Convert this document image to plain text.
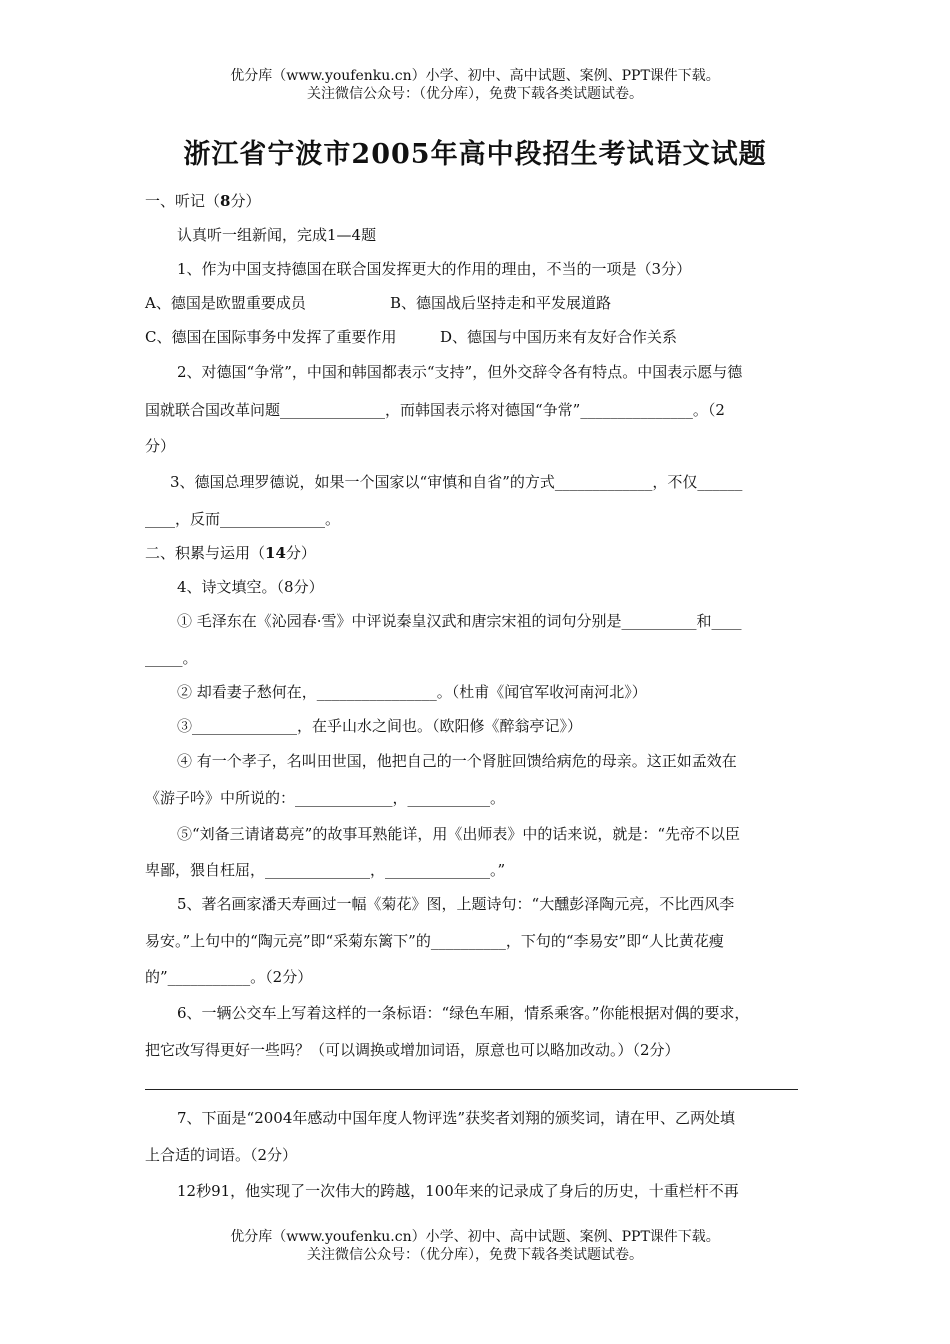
优分库（www.youfenku.cn）小学、初中、高中试题、案例、PPT课件下载。
关注微信公众号：（优分库），免费下载各类试题试卷。
浙江省宁波市2005年高中段招生考试语文试题
一、听记（8分）
认真听一组新闻，完成1—4题
1、作为中国支持德国在联合国发挥更大的作用的理由，不当的一项是（3分）
A、德国是欧盟重要成员	B、德国战后坚持走和平发展道路
C、德国在国际事务中发挥了重要作用	D、德国与中国历来有友好合作关系
2、对德国“争常”，中国和韩国都表示“支持”，但外交辞令各有特点。中国表示愿与德
国就联合国改革问题______________，而韩国表示将对德国“争常”_______________。（2
分）
3、德国总理罗德说，如果一个国家以“审慎和自省”的方式_____________，不仅______
____，反而______________。
二、积累与运用（14分）
4、诗文填空。（8分）
① 毛泽东在《沁园春·雪》中评说秦皇汉武和唐宗宋祖的词句分别是__________和____
_____。
② 却看妻子愁何在，________________。（杜甫《闻官军收河南河北》）
③______________，在乎山水之间也。（欧阳修《醉翁亭记》）
④ 有一个孝子，名叫田世国，他把自己的一个肾脏回馈给病危的母亲。这正如孟效在
《游子吟》中所说的：_____________，___________。
⑤“刘备三请诸葛亮”的故事耳熟能详，用《出师表》中的话来说，就是：“先帝不以臣
卑鄙，猥自枉屈，______________，______________。”
5、著名画家潘天寿画过一幅《菊花》图，上题诗句：“大醺彭泽陶元亮，不比西风李
易安。”上句中的“陶元亮”即“采菊东篱下”的__________，下句的“李易安”即“人比黄花瘦
的”___________。（2分）
6、一辆公交车上写着这样的一条标语：“绿色车厢，情系乘客。”你能根据对偶的要求，
把它改写得更好一些吗？（可以调换或增加词语，原意也可以略加改动。）（2分）
7、下面是“2004年感动中国年度人物评选”获奖者刘翔的颁奖词，请在甲、乙两处填
上合适的词语。（2分）
12秒91，他实现了一次伟大的跨越，100年来的记录成了身后的历史，十重栏杆不再
优分库（www.youfenku.cn）小学、初中、高中试题、案例、PPT课件下载。
关注微信公众号：（优分库），免费下载各类试题试卷。
